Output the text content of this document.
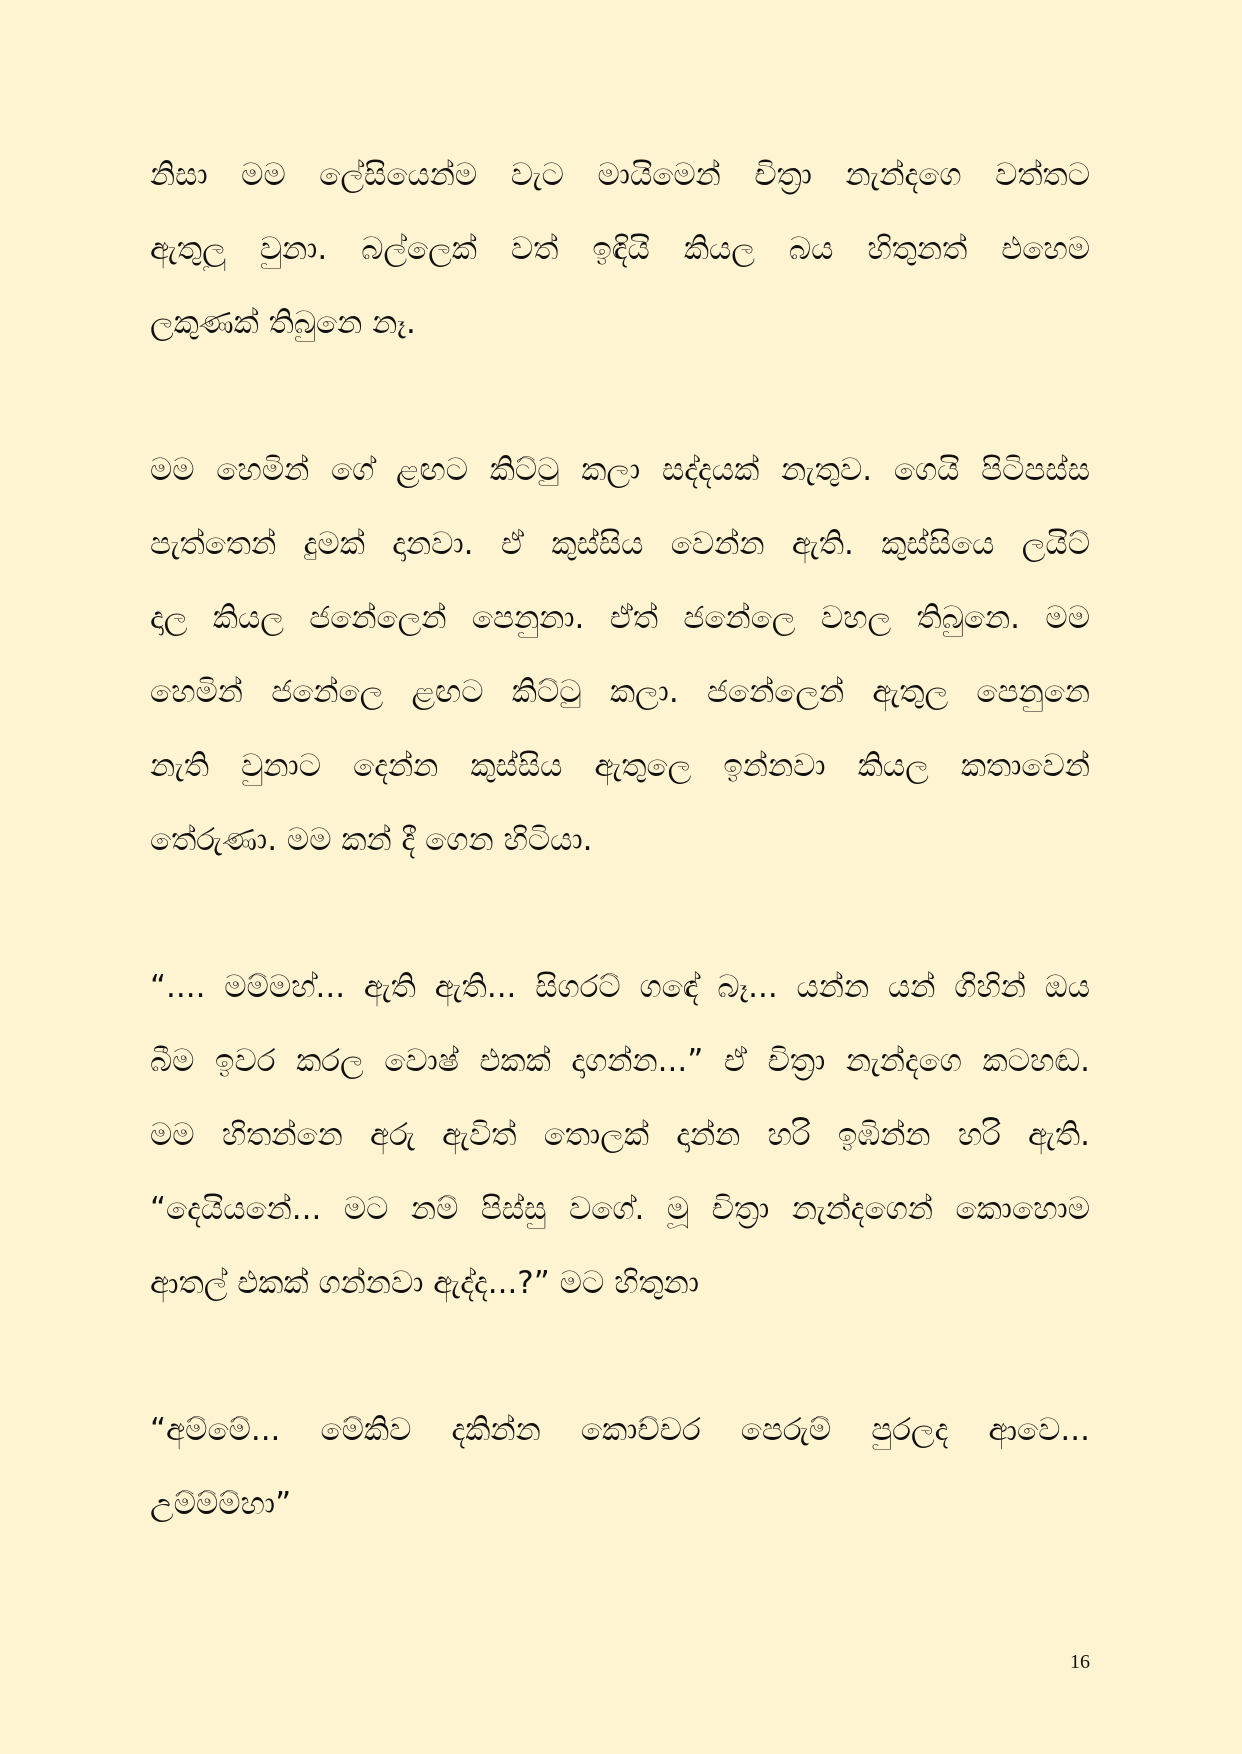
නිසා මම ලේසියෙන්ම වැට මායිමෙන් චිත්‍රා නැන්දගෙ වත්තට
ඇතුලු වුනා. බල්ලෙක් වත් ඉඳියි කියල බය හිතුනත් එහෙම
ලකුණක් තිබුනෙ නෑ.
මම හෙමින් ගේ ළඟට කිට්ටු කලා සද්දයක් නැතුව. ගෙයි පිටිපස්ස
පැත්තෙන් දුමක් දානවා. ඒ කුස්සිය වෙන්න ඇති. කුස්සියෙ ලයිට්
දාල කියල ජනේලෙන් පෙනුනා. ඒත් ජනේලෙ වහල තිබුනෙ. මම
හෙමින් ජනේලෙ ළඟට කිට්ටු කලා. ජනේලෙන් ඇතුල පෙනුනෙ
නැති වුනාට දෙන්න කුස්සිය ඇතුලෙ ඉන්නවා කියල කතාවෙන්
තේරුණා. මම කන් දී ගෙන හිටියා.
“.... මම්මහ්... ඇති ඇති... සිගරට් ගඳේ බෑ... යන්න යන් ගිහින් ඔය
බීම ඉවර කරල වොෂ් එකක් දාගන්න...” ඒ චිත්‍රා නැන්දගෙ කටහඬ.
මම හිතන්නෙ අරු ඇවිත් තොලක් දාන්න හරි ඉඹින්න හරි ඇති.
“දෙයියනේ... මට නම් පිස්සු වගේ. මූ චිත්‍රා නැන්දගෙන් කොහොම
ආතල් එකක් ගන්නවා ඇද්ද...?” මට හිතුනා
“අම්මේ... මේකිව දකින්න කොච්චර පෙරුම් පුරලද ආවෙ...
උම්ම්ම්හා”
16
